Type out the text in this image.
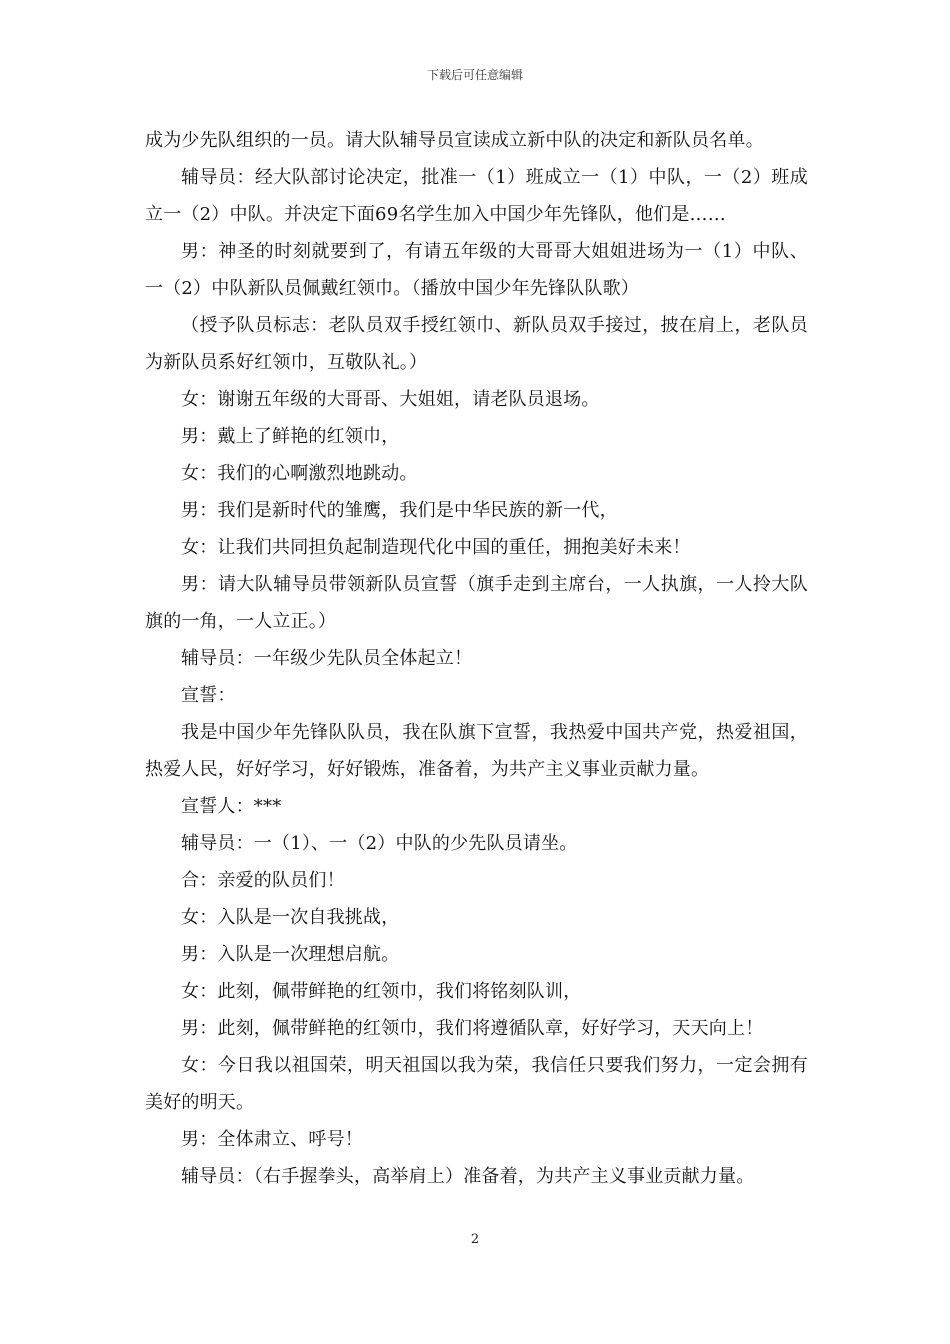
下载后可任意编辑

成为少先队组织的一员。请大队辅导员宣读成立新中队的决定和新队员名单。

辅导员：经大队部讨论决定，批准一（1）班成立一（1）中队，一（2）班成立一（2）中队。并决定下面69名学生加入中国少年先锋队，他们是……

男：神圣的时刻就要到了，有请五年级的大哥哥大姐姐进场为一（1）中队、一（2）中队新队员佩戴红领巾。（播放中国少年先锋队队歌）

（授予队员标志：老队员双手授红领巾、新队员双手接过，披在肩上，老队员为新队员系好红领巾，互敬队礼。）

女：谢谢五年级的大哥哥、大姐姐，请老队员退场。

男：戴上了鲜艳的红领巾，

女：我们的心啊激烈地跳动。

男：我们是新时代的雏鹰，我们是中华民族的新一代，

女：让我们共同担负起制造现代化中国的重任，拥抱美好未来！

男：请大队辅导员带领新队员宣誓（旗手走到主席台，一人执旗，一人拎大队旗的一角，一人立正。）

辅导员：一年级少先队员全体起立！

宣誓：

我是中国少年先锋队队员，我在队旗下宣誓，我热爱中国共产党，热爱祖国，热爱人民，好好学习，好好锻炼，准备着，为共产主义事业贡献力量。

宣誓人：***

辅导员：一（1）、一（2）中队的少先队员请坐。

合：亲爱的队员们！

女：入队是一次自我挑战，

男：入队是一次理想启航。

女：此刻，佩带鲜艳的红领巾，我们将铭刻队训，

男：此刻，佩带鲜艳的红领巾，我们将遵循队章，好好学习，天天向上！

女：今日我以祖国荣，明天祖国以我为荣，我信任只要我们努力，一定会拥有美好的明天。

男：全体肃立、呼号！

辅导员：（右手握拳头，高举肩上）准备着，为共产主义事业贡献力量。

2
